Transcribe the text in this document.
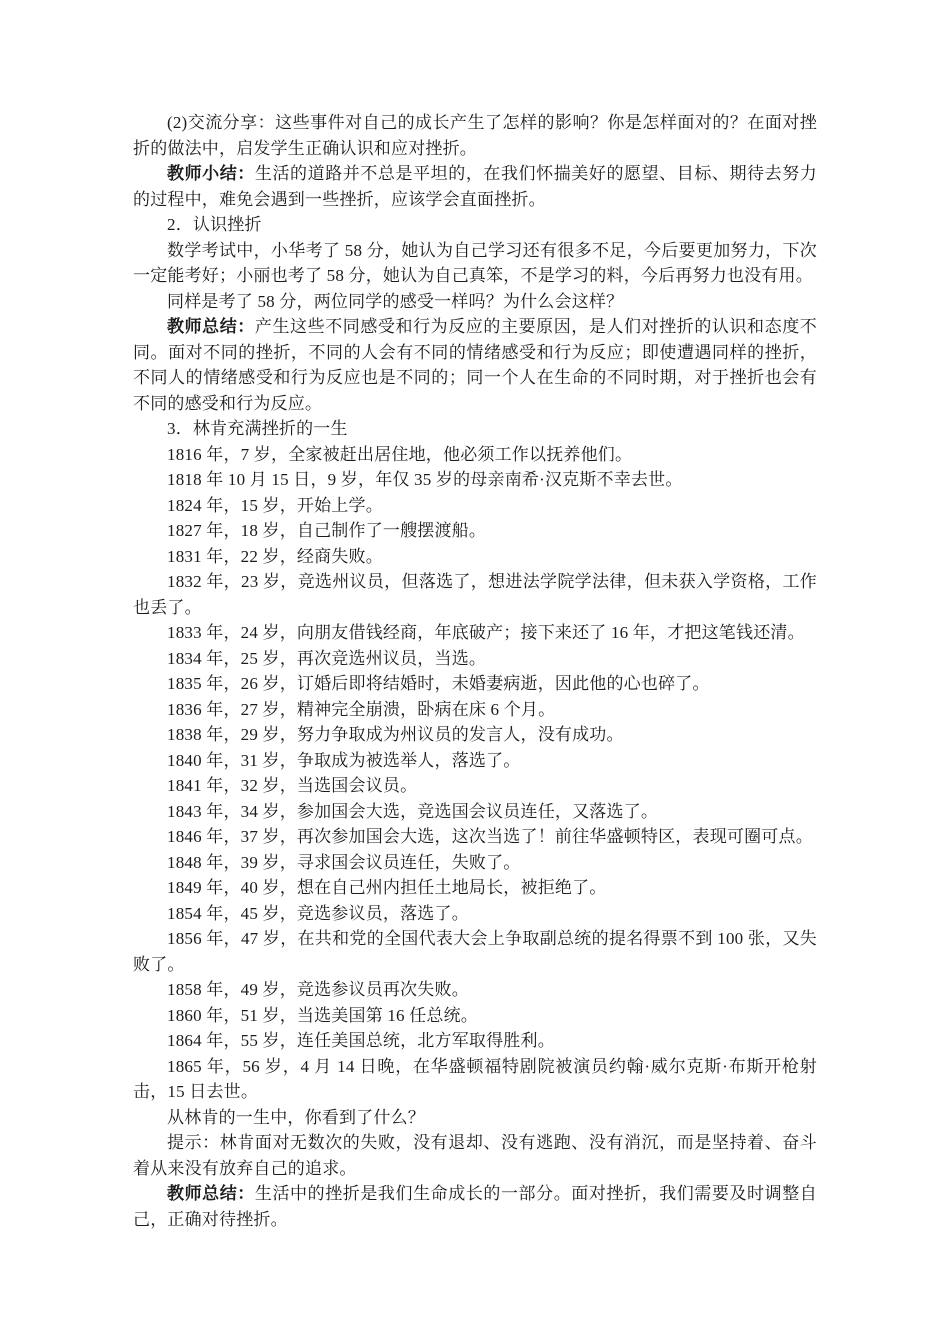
(2)交流分享：这些事件对自己的成长产生了怎样的影响？你是怎样面对的？在面对挫折的做法中，启发学生正确认识和应对挫折。

教师小结：生活的道路并不总是平坦的，在我们怀揣美好的愿望、目标、期待去努力的过程中，难免会遇到一些挫折，应该学会直面挫折。

2．认识挫折

数学考试中，小华考了 58 分，她认为自己学习还有很多不足，今后要更加努力，下次一定能考好；小丽也考了 58 分，她认为自己真笨，不是学习的料，今后再努力也没有用。

同样是考了 58 分，两位同学的感受一样吗？为什么会这样？

教师总结：产生这些不同感受和行为反应的主要原因，是人们对挫折的认识和态度不同。面对不同的挫折，不同的人会有不同的情绪感受和行为反应；即使遭遇同样的挫折，不同人的情绪感受和行为反应也是不同的；同一个人在生命的不同时期，对于挫折也会有不同的感受和行为反应。

3．林肯充满挫折的一生

1816 年，7 岁，全家被赶出居住地，他必须工作以抚养他们。

1818 年 10 月 15 日，9 岁，年仅 35 岁的母亲南希·汉克斯不幸去世。

1824 年，15 岁，开始上学。

1827 年，18 岁，自己制作了一艘摆渡船。

1831 年，22 岁，经商失败。

1832 年，23 岁，竞选州议员，但落选了，想进法学院学法律，但未获入学资格，工作也丢了。

1833 年，24 岁，向朋友借钱经商，年底破产；接下来还了 16 年，才把这笔钱还清。

1834 年，25 岁，再次竞选州议员，当选。

1835 年，26 岁，订婚后即将结婚时，未婚妻病逝，因此他的心也碎了。

1836 年，27 岁，精神完全崩溃，卧病在床 6 个月。

1838 年，29 岁，努力争取成为州议员的发言人，没有成功。

1840 年，31 岁，争取成为被选举人，落选了。

1841 年，32 岁，当选国会议员。

1843 年，34 岁，参加国会大选，竞选国会议员连任，又落选了。

1846 年，37 岁，再次参加国会大选，这次当选了！前往华盛顿特区，表现可圈可点。

1848 年，39 岁，寻求国会议员连任，失败了。

1849 年，40 岁，想在自己州内担任土地局长，被拒绝了。

1854 年，45 岁，竞选参议员，落选了。

1856 年，47 岁，在共和党的全国代表大会上争取副总统的提名得票不到 100 张，又失败了。

1858 年，49 岁，竞选参议员再次失败。

1860 年，51 岁，当选美国第 16 任总统。

1864 年，55 岁，连任美国总统，北方军取得胜利。

1865 年，56 岁，4 月 14 日晚，在华盛顿福特剧院被演员约翰·威尔克斯·布斯开枪射击，15 日去世。

从林肯的一生中，你看到了什么？

提示：林肯面对无数次的失败，没有退却、没有逃跑、没有消沉，而是坚持着、奋斗着从来没有放弃自己的追求。

教师总结：生活中的挫折是我们生命成长的一部分。面对挫折，我们需要及时调整自己，正确对待挫折。
